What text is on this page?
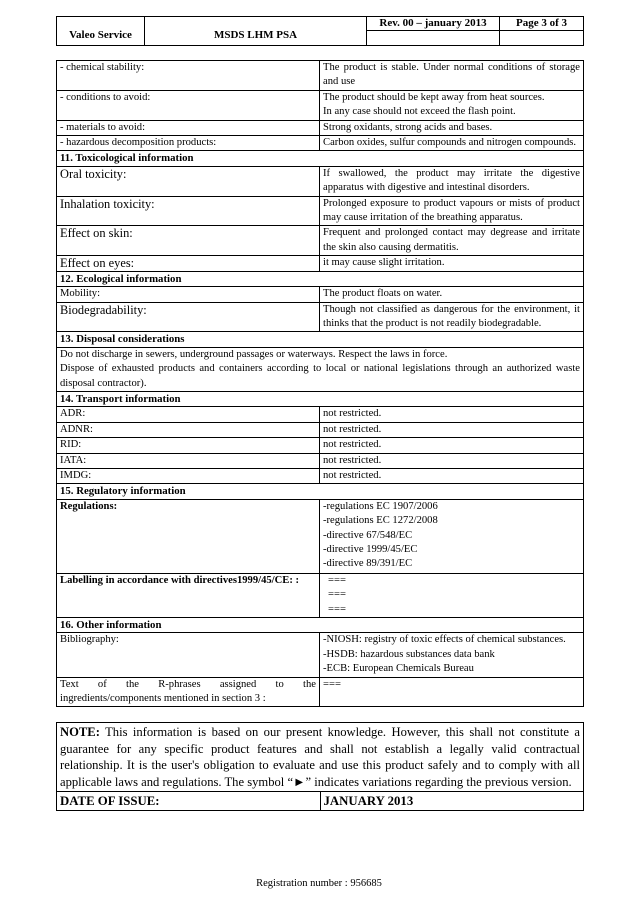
Valeo Service	MSDS LHM PSA
Rev. 00 – january 2013	Page 3 of 3
- chemical stability:	The product is stable. Under normal conditions of storage and use
- conditions to avoid:	The product should be kept away from heat sources.
In any case should not exceed the flash point.

- materials to avoid:	Strong oxidants, strong acids and bases.
- hazardous decomposition products:	Carbon oxides, sulfur compounds and nitrogen compounds.
11. Toxicological information	
Oral toxicity:	If swallowed, the product may irritate the digestive apparatus with digestive and intestinal disorders.
Inhalation toxicity:	Prolonged exposure to product vapours or mists of product may cause irritation of the breathing apparatus.
Effect on skin:	Frequent and prolonged contact may degrease and irritate the skin also causing dermatitis.
Effect on eyes:	it may cause slight irritation.
12. Ecological information	
Mobility:	The product floats on water.
Biodegradability:	Though not classified as dangerous for the environment, it thinks that the product is not readily biodegradable.
13. Disposal considerations	

Do not discharge in sewers, underground passages or waterways. Respect the laws in force.
Dispose of exhausted products and containers according to local or national legislations through an authorized waste disposal contractor).	

14. Transport information	
ADR:	not restricted.
ADNR:	not restricted.
RID:	not restricted.
IATA:	not restricted.
IMDG:	not restricted.
15. Regulatory information	
Regulations:	-regulations EC 1907/2006
-regulations EC 1272/2008
-directive 67/548/EC
-directive 1999/45/EC
-directive 89/391/EC

Labelling in accordance with directives1999/45/CE: :	===
===
===

16. Other information	
Bibliography:	-NIOSH: registry of toxic effects of chemical substances.
-HSDB: hazardous substances data bank
-ECB: European Chemicals Bureau

Text of the R-phrases assigned to the ingredients/components mentioned in section 3 :	===
NOTE: This information is based on our present knowledge. However, this shall not constitute a guarantee for any specific product features and shall not establish a legally valid contractual relationship. It is the user's obligation to evaluate and use this product safely and to comply with all applicable laws and regulations. The symbol “►” indicates variations regarding the previous version.
DATE OF ISSUE:	JANUARY 2013
Registration number : 956685
